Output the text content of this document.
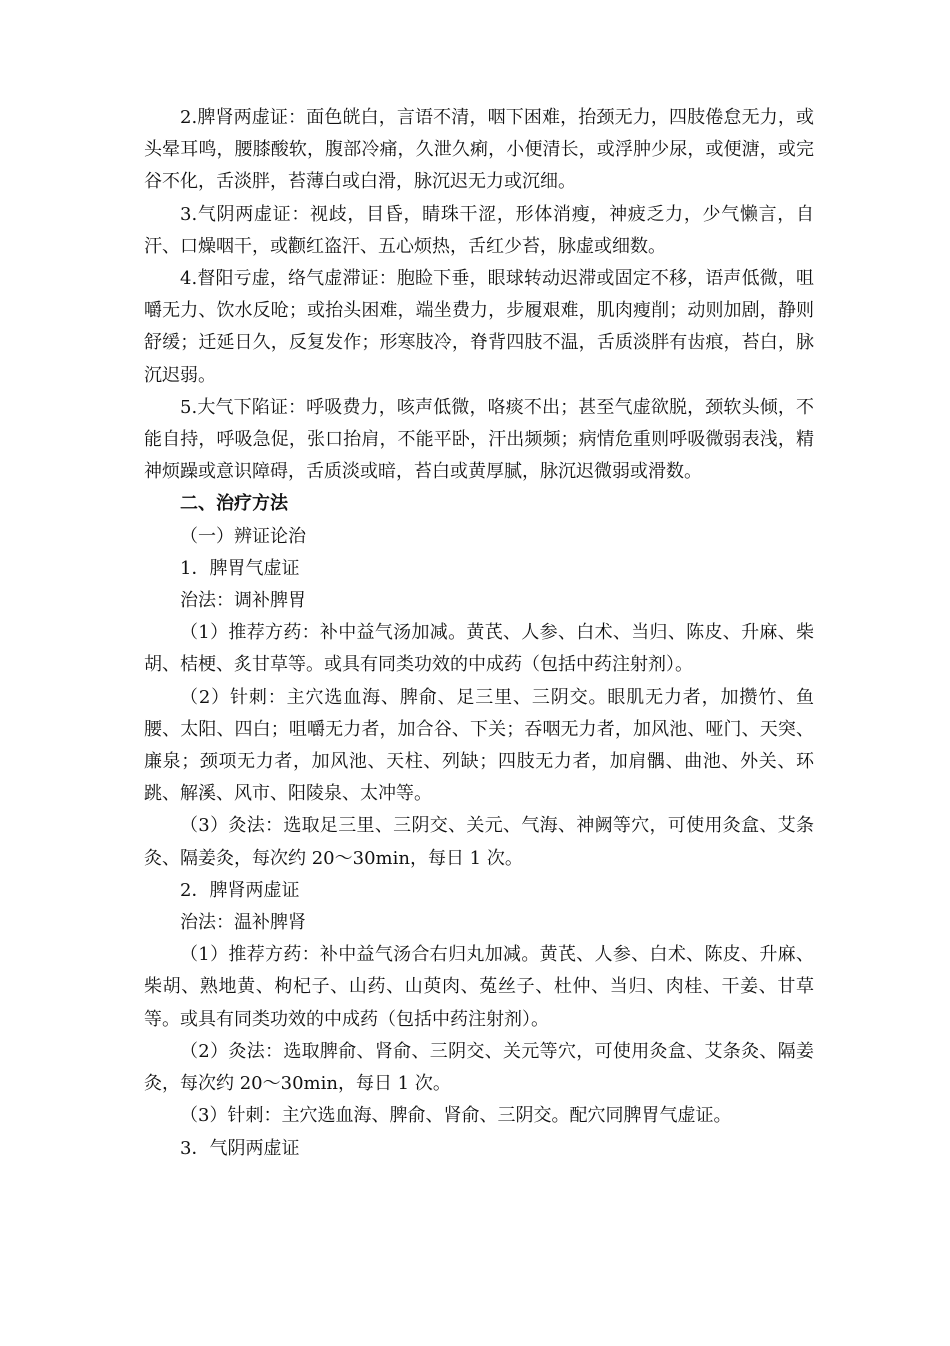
2.脾肾两虚证：面色㿠白，言语不清，咽下困难，抬颈无力，四肢倦怠无力，或头晕耳鸣，腰膝酸软，腹部冷痛，久泄久痢，小便清长，或浮肿少尿，或便溏，或完谷不化，舌淡胖，苔薄白或白滑，脉沉迟无力或沉细。

3.气阴两虚证：视歧，目昏，睛珠干涩，形体消瘦，神疲乏力，少气懒言，自汗、口燥咽干，或颧红盗汗、五心烦热，舌红少苔，脉虚或细数。

4.督阳亏虚，络气虚滞证：胞睑下垂，眼球转动迟滞或固定不移，语声低微，咀嚼无力、饮水反呛；或抬头困难，端坐费力，步履艰难，肌肉瘦削；动则加剧，静则舒缓；迁延日久，反复发作；形寒肢冷，脊背四肢不温，舌质淡胖有齿痕，苔白，脉沉迟弱。

5.大气下陷证：呼吸费力，咳声低微，咯痰不出；甚至气虚欲脱，颈软头倾，不能自持，呼吸急促，张口抬肩，不能平卧，汗出频频；病情危重则呼吸微弱表浅，精神烦躁或意识障碍，舌质淡或暗，苔白或黄厚腻，脉沉迟微弱或滑数。

二、治疗方法

（一）辨证论治

1．脾胃气虚证

治法：调补脾胃

（1）推荐方药：补中益气汤加减。黄芪、人参、白术、当归、陈皮、升麻、柴胡、桔梗、炙甘草等。或具有同类功效的中成药（包括中药注射剂）。

（2）针刺：主穴选血海、脾俞、足三里、三阴交。眼肌无力者，加攒竹、鱼腰、太阳、四白；咀嚼无力者，加合谷、下关；吞咽无力者，加风池、哑门、天突、廉泉；颈项无力者，加风池、天柱、列缺；四肢无力者，加肩髃、曲池、外关、环跳、解溪、风市、阳陵泉、太冲等。

（3）灸法：选取足三里、三阴交、关元、气海、神阙等穴，可使用灸盒、艾条灸、隔姜灸，每次约 20～30min，每日 1 次。

2．脾肾两虚证

治法：温补脾肾

（1）推荐方药：补中益气汤合右归丸加减。黄芪、人参、白术、陈皮、升麻、柴胡、熟地黄、枸杞子、山药、山萸肉、菟丝子、杜仲、当归、肉桂、干姜、甘草等。或具有同类功效的中成药（包括中药注射剂）。

（2）灸法：选取脾俞、肾俞、三阴交、关元等穴，可使用灸盒、艾条灸、隔姜灸，每次约 20～30min，每日 1 次。

（3）针刺：主穴选血海、脾俞、肾俞、三阴交。配穴同脾胃气虚证。

3．气阴两虚证
